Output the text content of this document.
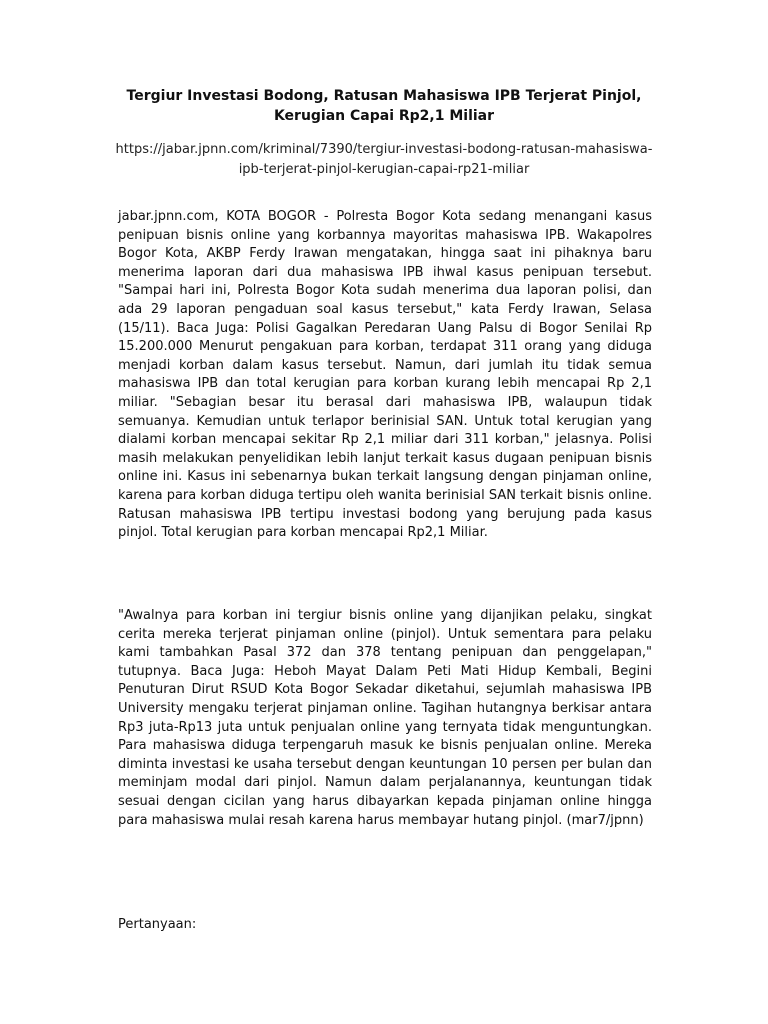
Tergiur Investasi Bodong, Ratusan Mahasiswa IPB Terjerat Pinjol, Kerugian Capai Rp2,1 Miliar

https://jabar.jpnn.com/kriminal/7390/tergiur-investasi-bodong-ratusan-mahasiswa-ipb-terjerat-pinjol-kerugian-capai-rp21-miliar

jabar.jpnn.com, KOTA BOGOR - Polresta Bogor Kota sedang menangani kasus penipuan bisnis online yang korbannya mayoritas mahasiswa IPB. Wakapolres Bogor Kota, AKBP Ferdy Irawan mengatakan, hingga saat ini pihaknya baru menerima laporan dari dua mahasiswa IPB ihwal kasus penipuan tersebut. "Sampai hari ini, Polresta Bogor Kota sudah menerima dua laporan polisi, dan ada 29 laporan pengaduan soal kasus tersebut," kata Ferdy Irawan, Selasa (15/11). Baca Juga: Polisi Gagalkan Peredaran Uang Palsu di Bogor Senilai Rp 15.200.000 Menurut pengakuan para korban, terdapat 311 orang yang diduga menjadi korban dalam kasus tersebut. Namun, dari jumlah itu tidak semua mahasiswa IPB dan total kerugian para korban kurang lebih mencapai Rp 2,1 miliar. "Sebagian besar itu berasal dari mahasiswa IPB, walaupun tidak semuanya. Kemudian untuk terlapor berinisial SAN. Untuk total kerugian yang dialami korban mencapai sekitar Rp 2,1 miliar dari 311 korban," jelasnya. Polisi masih melakukan penyelidikan lebih lanjut terkait kasus dugaan penipuan bisnis online ini. Kasus ini sebenarnya bukan terkait langsung dengan pinjaman online, karena para korban diduga tertipu oleh wanita berinisial SAN terkait bisnis online. Ratusan mahasiswa IPB tertipu investasi bodong yang berujung pada kasus pinjol. Total kerugian para korban mencapai Rp2,1 Miliar.

"Awalnya para korban ini tergiur bisnis online yang dijanjikan pelaku, singkat cerita mereka terjerat pinjaman online (pinjol). Untuk sementara para pelaku kami tambahkan Pasal 372 dan 378 tentang penipuan dan penggelapan," tutupnya. Baca Juga: Heboh Mayat Dalam Peti Mati Hidup Kembali, Begini Penuturan Dirut RSUD Kota Bogor Sekadar diketahui, sejumlah mahasiswa IPB University mengaku terjerat pinjaman online. Tagihan hutangnya berkisar antara Rp3 juta-Rp13 juta untuk penjualan online yang ternyata tidak menguntungkan. Para mahasiswa diduga terpengaruh masuk ke bisnis penjualan online. Mereka diminta investasi ke usaha tersebut dengan keuntungan 10 persen per bulan dan meminjam modal dari pinjol. Namun dalam perjalanannya, keuntungan tidak sesuai dengan cicilan yang harus dibayarkan kepada pinjaman online hingga para mahasiswa mulai resah karena harus membayar hutang pinjol. (mar7/jpnn)

Pertanyaan:
